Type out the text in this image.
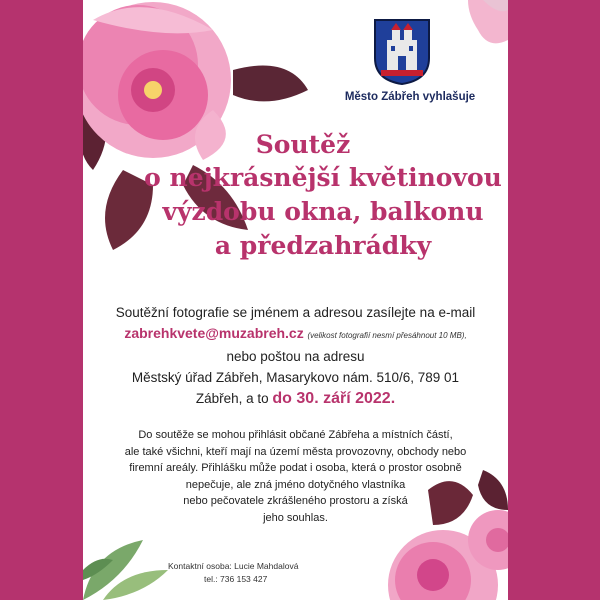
Město Zábřeh vyhlašuje
Soutěž
o nejkrásnější květinovou
výzdobu okna, balkonu
a předzahrádky
Soutěžní fotografie se jménem a adresou zasílejte na e-mail
zabrehkvete@muzabreh.cz (velikost fotografií nesmí přesáhnout 10 MB),
nebo poštou na adresu
Městský úřad Zábřeh, Masarykovo nám. 510/6, 789 01
Zábřeh, a to do 30. září 2022.
Do soutěže se mohou přihlásit občané Zábřeha a místních částí,
ale také všichni, kteří mají na území města provozovny, obchody nebo
firemní areály. Přihlášku může podat i osoba, která o prostor osobně
nepečuje, ale zná jméno dotyčného vlastníka
nebo pečovatele zkrášleného prostoru a získá
jeho souhlas.
Kontaktní osoba: Lucie Mahdalová
tel.: 736 153 427
